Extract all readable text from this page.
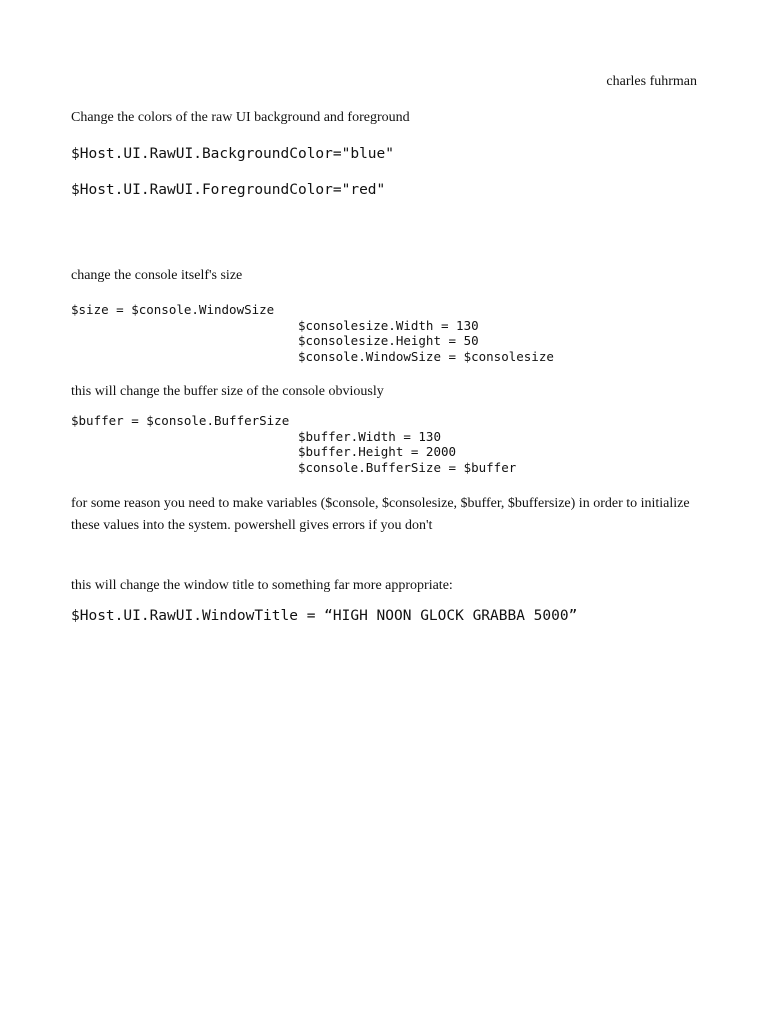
charles fuhrman
Change the colors of the raw UI background and foreground
$Host.UI.RawUI.BackgroundColor="blue"
$Host.UI.RawUI.ForegroundColor="red"
change the console itself's size
$size = $console.WindowSize
$consolesize.Width = 130
$consolesize.Height = 50
$console.WindowSize = $consolesize
this will change the buffer size of the console obviously
$buffer = $console.BufferSize
$buffer.Width = 130
$buffer.Height = 2000
$console.BufferSize = $buffer
for some reason you need to make variables ($console, $consolesize, $buffer, $buffersize) in order to initialize these values into the system. powershell gives errors if you don't
this will change the window title to something far more appropriate:
$Host.UI.RawUI.WindowTitle = “HIGH NOON GLOCK GRABBA 5000”
